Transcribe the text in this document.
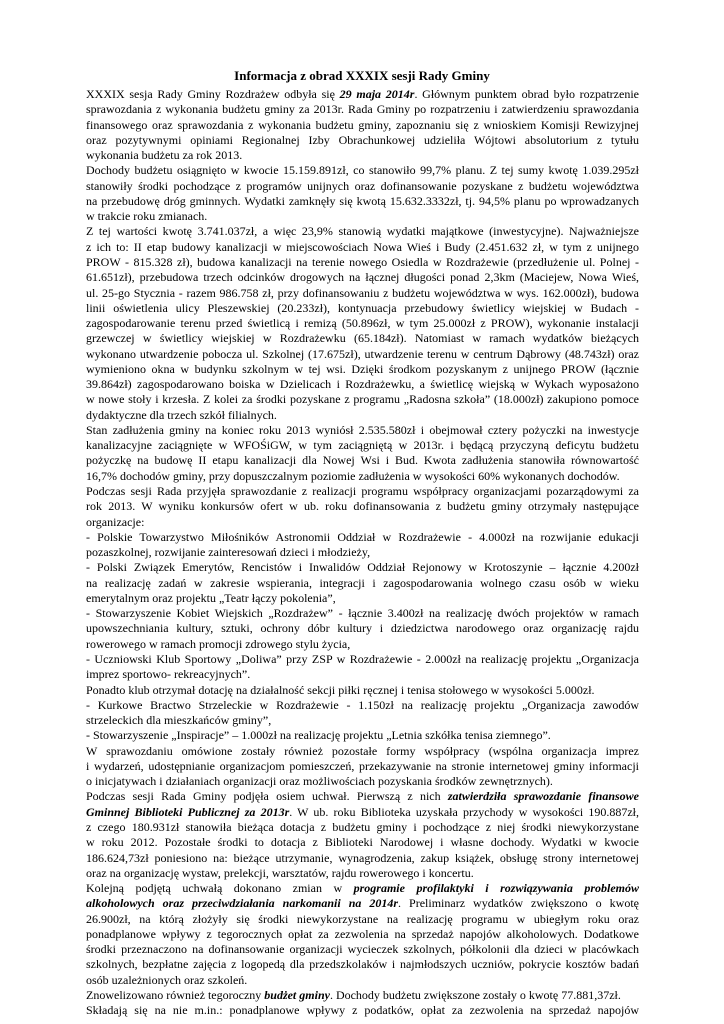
Informacja z obrad XXXIX sesji Rady Gminy
XXXIX sesja Rady Gminy Rozdrażew odbyła się 29 maja 2014r. Głównym punktem obrad było rozpatrzenie
sprawozdania z wykonania budżetu gminy za 2013r. Rada Gminy po rozpatrzeniu i zatwierdzeniu sprawozdania
finansowego oraz sprawozdania z wykonania budżetu gminy, zapoznaniu się z wnioskiem Komisji Rewizyjnej
oraz pozytywnymi opiniami Regionalnej Izby Obrachunkowej udzieliła Wójtowi absolutorium z tytułu
wykonania budżetu za rok 2013.
Dochody budżetu osiągnięto w kwocie 15.159.891zł, co stanowiło 99,7% planu. Z tej sumy kwotę 1.039.295zł
stanowiły środki pochodzące z programów unijnych oraz dofinansowanie pozyskane z budżetu województwa
na przebudowę dróg gminnych. Wydatki zamknęły się kwotą 15.632.3332zł, tj. 94,5% planu po wprowadzanych
w trakcie roku zmianach.
Z tej wartości kwotę 3.741.037zł, a więc 23,9% stanowią wydatki majątkowe (inwestycyjne). Najważniejsze
z ich to: II etap budowy kanalizacji w miejscowościach Nowa Wieś i Budy (2.451.632 zł, w tym z unijnego
PROW - 815.328 zł), budowa kanalizacji na terenie nowego Osiedla w Rozdrażewie (przedłużenie ul. Polnej -
61.651zł), przebudowa trzech odcinków drogowych na łącznej długości ponad 2,3km (Maciejew, Nowa Wieś,
ul. 25-go Stycznia - razem 986.758 zł, przy dofinansowaniu z budżetu województwa w wys. 162.000zł), budowa
linii oświetlenia ulicy Pleszewskiej (20.233zł), kontynuacja przebudowy świetlicy wiejskiej w Budach -
zagospodarowanie terenu przed świetlicą i remizą (50.896zł, w tym 25.000zł z PROW), wykonanie instalacji
grzewczej w świetlicy wiejskiej w Rozdrażewku (65.184zł). Natomiast w ramach wydatków bieżących
wykonano utwardzenie pobocza ul. Szkolnej (17.675zł), utwardzenie terenu w centrum Dąbrowy (48.743zł) oraz
wymieniono okna w budynku szkolnym w tej wsi. Dzięki środkom pozyskanym z unijnego PROW (łącznie
39.864zł) zagospodarowano boiska w Dzielicach i Rozdrażewku, a świetlicę wiejską w Wykach wyposażono
w nowe stoły i krzesła. Z kolei za środki pozyskane z programu „Radosna szkoła” (18.000zł) zakupiono pomoce
dydaktyczne dla trzech szkół filialnych.
Stan zadłużenia gminy na koniec roku 2013 wyniósł 2.535.580zł i obejmował cztery pożyczki na inwestycje
kanalizacyjne zaciągnięte w WFOŚiGW, w tym zaciągniętą w 2013r. i będącą przyczyną deficytu budżetu
pożyczkę na budowę II etapu kanalizacji dla Nowej Wsi i Bud. Kwota zadłużenia stanowiła równowartość
16,7% dochodów gminy, przy dopuszczalnym poziomie zadłużenia w wysokości 60% wykonanych dochodów.
Podczas sesji Rada przyjęła sprawozdanie z realizacji programu współpracy organizacjami pozarządowymi za
rok 2013. W wyniku konkursów ofert w ub. roku dofinansowania z budżetu gminy otrzymały następujące
organizacje:
- Polskie Towarzystwo Miłośników Astronomii Oddział w Rozdrażewie - 4.000zł na rozwijanie edukacji
pozaszkolnej, rozwijanie zainteresowań dzieci i młodzieży,
- Polski Związek Emerytów, Rencistów i Inwalidów Oddział Rejonowy w Krotoszynie – łącznie 4.200zł
na realizację zadań w zakresie wspierania, integracji i zagospodarowania wolnego czasu osób w wieku
emerytalnym oraz projektu „Teatr łączy pokolenia”,
- Stowarzyszenie Kobiet Wiejskich „Rozdrażew” - łącznie 3.400zł na realizację dwóch projektów w ramach
upowszechniania kultury, sztuki, ochrony dóbr kultury i dziedzictwa narodowego oraz organizację rajdu
rowerowego w ramach promocji zdrowego stylu życia,
- Uczniowski Klub Sportowy „Doliwa” przy ZSP w Rozdrażewie - 2.000zł na realizację projektu „Organizacja
imprez sportowo- rekreacyjnych”.
Ponadto klub otrzymał dotację na działalność sekcji piłki ręcznej i tenisa stołowego w wysokości 5.000zł.
- Kurkowe Bractwo Strzeleckie w Rozdrażewie - 1.150zł na realizację projektu „Organizacja zawodów
strzeleckich dla mieszkańców gminy”,
- Stowarzyszenie „Inspiracje” – 1.000zł na realizację projektu „Letnia szkółka tenisa ziemnego”.
W sprawozdaniu omówione zostały również pozostałe formy współpracy (wspólna organizacja imprez
i wydarzeń, udostępnianie organizacjom pomieszczeń, przekazywanie na stronie internetowej gminy informacji
o inicjatywach i działaniach organizacji oraz możliwościach pozyskania środków zewnętrznych).
Podczas sesji Rada Gminy podjęła osiem uchwał. Pierwszą z nich zatwierdziła sprawozdanie finansowe
Gminnej Biblioteki Publicznej za 2013r. W ub. roku Biblioteka uzyskała przychody w wysokości 190.887zł,
z czego 180.931zł stanowiła bieżąca dotacja z budżetu gminy i pochodzące z niej środki niewykorzystane
w roku 2012. Pozostałe środki to dotacja z Biblioteki Narodowej i własne dochody. Wydatki w kwocie
186.624,73zł poniesiono na: bieżące utrzymanie, wynagrodzenia, zakup książek, obsługę strony internetowej
oraz na organizację wystaw, prelekcji, warsztatów, rajdu rowerowego i koncertu.
Kolejną podjętą uchwałą dokonano zmian w programie profilaktyki i rozwiązywania problemów
alkoholowych oraz przeciwdziałania narkomanii na 2014r. Preliminarz wydatków zwiększono o kwotę
26.900zł, na którą złożyły się środki niewykorzystane na realizację programu w ubiegłym roku oraz
ponadplanowe wpływy z tegorocznych opłat za zezwolenia na sprzedaż napojów alkoholowych. Dodatkowe
środki przeznaczono na dofinansowanie organizacji wycieczek szkolnych, półkolonii dla dzieci w placówkach
szkolnych, bezpłatne zajęcia z logopedą dla przedszkolaków i najmłodszych uczniów, pokrycie kosztów badań
osób uzależnionych oraz szkoleń.
Znowelizowano również tegoroczny budżet gminy. Dochody budżetu zwiększone zostały o kwotę 77.881,37zł.
Składają się na nie m.in.: ponadplanowe wpływy z podatków, opłat za zezwolenia na sprzedaż napojów
